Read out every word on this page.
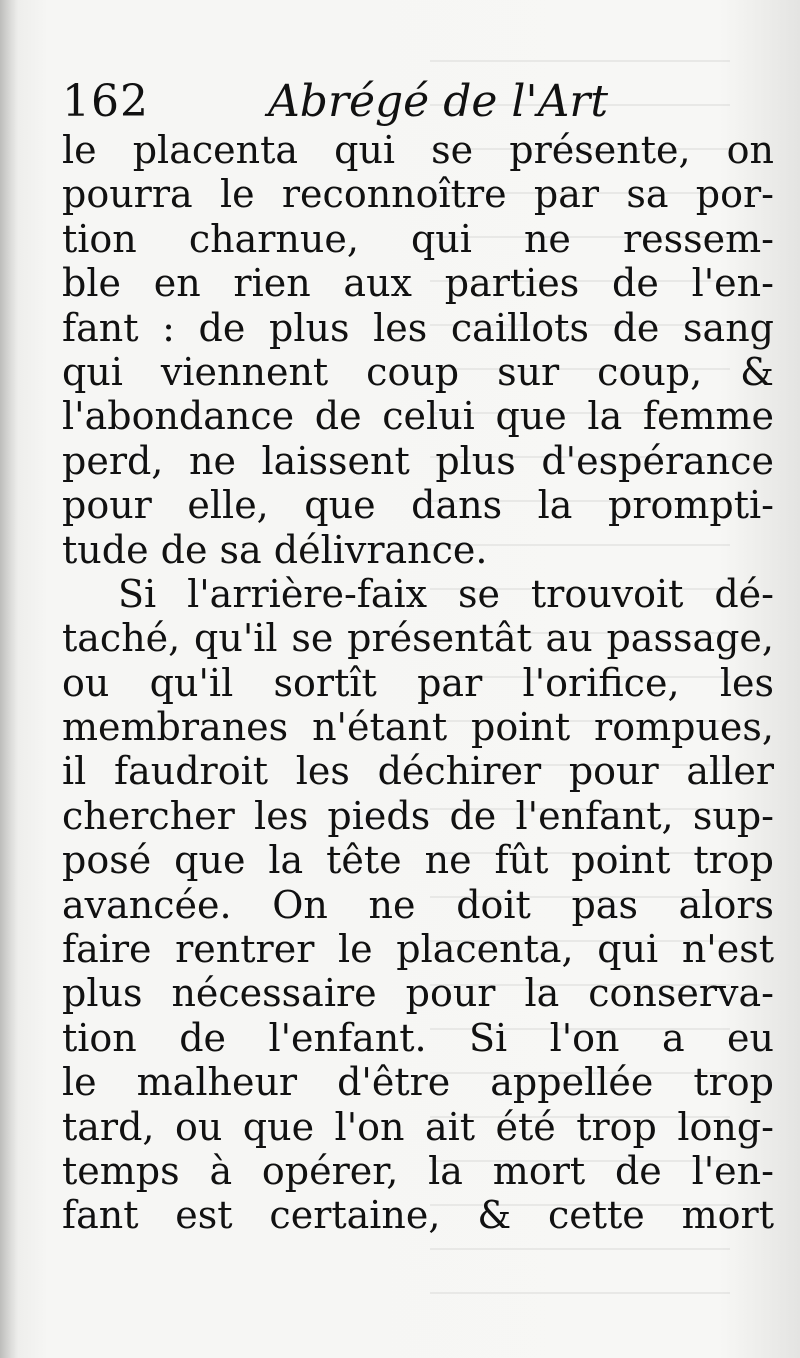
162	Abrégé de l'Art
le placenta qui se présente, on
pourra le reconnoître par sa por-
tion charnue, qui ne ressem-
ble en rien aux parties de l'en-
fant : de plus les caillots de sang
qui viennent coup sur coup, &
l'abondance de celui que la femme
perd, ne laissent plus d'espérance
pour elle, que dans la prompti-
tude de sa délivrance.
Si l'arrière-faix se trouvoit dé-
taché, qu'il se présentât au passage,
ou qu'il sortît par l'orifice, les
membranes n'étant point rompues,
il faudroit les déchirer pour aller
chercher les pieds de l'enfant, sup-
posé que la tête ne fût point trop
avancée. On ne doit pas alors
faire rentrer le placenta, qui n'est
plus nécessaire pour la conserva-
tion de l'enfant. Si l'on a eu
le malheur d'être appellée trop
tard, ou que l'on ait été trop long-
temps à opérer, la mort de l'en-
fant est certaine, & cette mort
